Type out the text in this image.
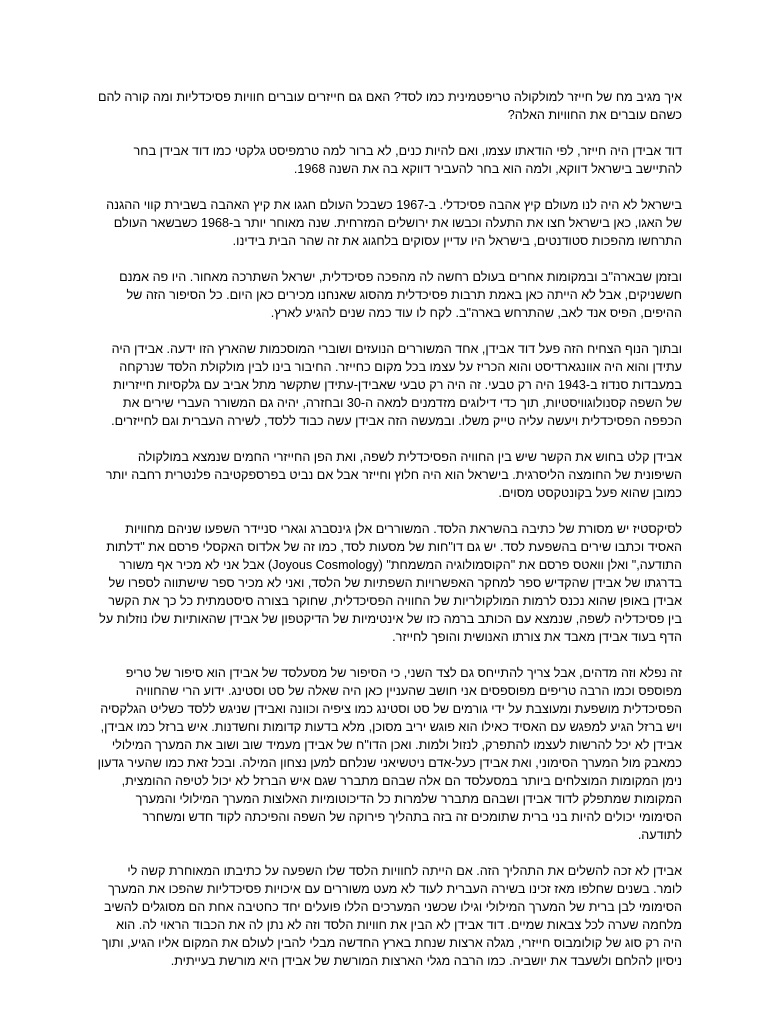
איך מגיב מח של חייזר למולקולה טריפטמינית כמו לסד? האם גם חייזרים עוברים חוויות פסיכדליות ומה קורה להם כשהם עוברים את החוויות האלה?

דוד אבידן היה חייזר, לפי הודאתו עצמו, ואם להיות כנים, לא ברור למה טרמפיסט גלקטי כמו דוד אבידן בחר להתיישב בישראל דווקא, ולמה הוא בחר להעביר דווקא בה את השנה 1968.

בישראל לא היה לנו מעולם קיץ אהבה פסיכדלי. ב-1967 כשבכל העולם חגגו את קיץ האהבה בשבירת קווי ההגנה של האגו, כאן בישראל חצו את התעלה וכבשו את ירושלים המזרחית. שנה מאוחר יותר ב-1968 כשבשאר העולם התרחשו מהפכות סטודנטים, בישראל היו עדיין עסוקים בלחגוג את זה שהר הבית בידינו.

ובזמן שבארה"ב ובמקומות אחרים בעולם רחשה לה מהפכה פסיכדלית, ישראל השתרכה מאחור. היו פה אמנם חששניקים, אבל לא הייתה כאן באמת תרבות פסיכדלית מהסוג שאנחנו מכירים כאן היום. כל הסיפור הזה של ההיפים, הפיס אנד לאב, שהתרחש בארה"ב. לקח לו עוד כמה שנים להגיע לארץ.

ובתוך הנוף הצחיח הזה פעל דוד אבידן, אחד המשוררים הנועזים ושוברי המוסכמות שהארץ הזו ידעה. אבידן היה עתידן והוא היה אוונגארדיסט והוא הכריז על עצמו בכל מקום כחייזר. החיבור בינו לבין מולקולת הלסד שנרקחה במעבדות סנדוז ב-1943 היה רק טבעי. זה היה רק טבעי שאבידן-עתידן שתקשר מתל אביב עם גלקסיות חייזריות של השפה קסנולוגוויסטיות, תוך כדי דילוגים מזדמנים למאה ה-30 ובחזרה, יהיה גם המשורר העברי שירים את הכפפה הפסיכדלית ויעשה עליה טייק משלו. ובמעשה הזה אבידן עשה כבוד ללסד, לשירה העברית וגם לחייזרים.

אבידן קלט בחוש את הקשר שיש בין החוויה הפסיכדלית לשפה, ואת הפן החייזרי החמים שנמצא במולקולה השיפונית של החומצה הליסרגית. בישראל הוא היה חלוץ וחייזר אבל אם נביט בפרספקטיבה פלנטרית רחבה יותר כמובן שהוא פעל בקונטקסט מסוים.

לסיקסטיז יש מסורת של כתיבה בהשראת הלסד. המשוררים אלן גינסברג וגארי סניידר השפעו שניהם מחוויות האסיד וכתבו שירים בהשפעת לסד. יש גם דו"חות של מסעות לסד, כמו זה של אלדוס האקסלי פרסם את "דלתות התודעה," ואלן וואטס פרסם את "הקוסמולוגיה המשמחת" (Joyous Cosmology) אבל אני לא מכיר אף משורר בדרגתו של אבידן שהקדיש ספר למחקר האפשרויות השפתיות של הלסד, ואני לא מכיר ספר שישתווה לספרו של אבידן באופן שהוא נכנס לרמות המולקולריות של החוויה הפסיכדלית, שחוקר בצורה סיסטמתית כל כך את הקשר בין פסיכדליה לשפה, שנמצא עם הכותב ברמה כזו של אינטימיות של הדיקטפון של אבידן שהאותיות שלו נוזלות על הדף בעוד אבידן מאבד את צורתו האנושית והופך לחייזר.

זה נפלא וזה מדהים, אבל צריך להתייחס גם לצד השני, כי הסיפור של מסעלסד של אבידן הוא סיפור של טריפ מפוספס וכמו הרבה טריפים מפוספסים אני חושב שהעניין כאן היה שאלה של סט וסטינג. ידוע הרי שהחוויה הפסיכדלית מושפעת ומעוצבת על ידי גורמים של סט וסטינג כמו ציפיה וכוונה ואבידן שניגש ללסד כשליט הגלקסיה ויש ברזל הגיע למפגש עם האסיד כאילו הוא פוגש יריב מסוכן, מלא בדעות קדומות וחשדנות. איש ברזל כמו אבידן, אבידן לא יכל להרשות לעצמו להתפרק, לנזול ולמות. ואכן הדו"ח של אבידן מעמיד שוב ושוב את המערך המילולי כמאבק מול המערך הסימוני, ואת אבידן כעל-אדם ניטשיאני שנלחם למען נצחון המילה. ובכל זאת כמו שהעיר גדעון נימן המקומות המוצלחים ביותר במסעלסד הם אלה שבהם מתברר שגם איש הברזל לא יכול לטיפה ההומצית, המקומות שמתפלק לדוד אבידן ושבהם מתברר שלמרות כל הדיכוטומיות האלוצות המערך המילולי והמערך הסימומי יכולים להיות בני ברית שתומכים זה בזה בתהליך פירוקה של השפה והפיכתה לקוד חדש ומשחרר לתודעה.

אבידן לא זכה להשלים את התהליך הזה. אם הייתה לחוויות הלסד שלו השפעה על כתיבתו המאוחרת קשה לי לומר. בשנים שחלפו מאז זכינו בשירה העברית לעוד לא מעט משוררים עם איכויות פסיכדליות שהפכו את המערך הסימומי לבן ברית של המערך המילולי וגילו שכשני המערכים הללו פועלים יחד כחטיבה אחת הם מסוגלים להשיב מלחמה שערה לכל צבאות שמיים. דוד אבידן לא הבין את חוויות הלסד וזה לא נתן לה את הכבוד הראוי לה. הוא היה רק סוג של קולומבוס חייזרי, מגלה ארצות שנחת בארץ החדשה מבלי להבין לעולם את המקום אליו הגיע, ותוך ניסיון להלחם ולשעבד את יושביה. כמו הרבה מגלי הארצות המורשת של אבידן היא מורשת בעייתית.
